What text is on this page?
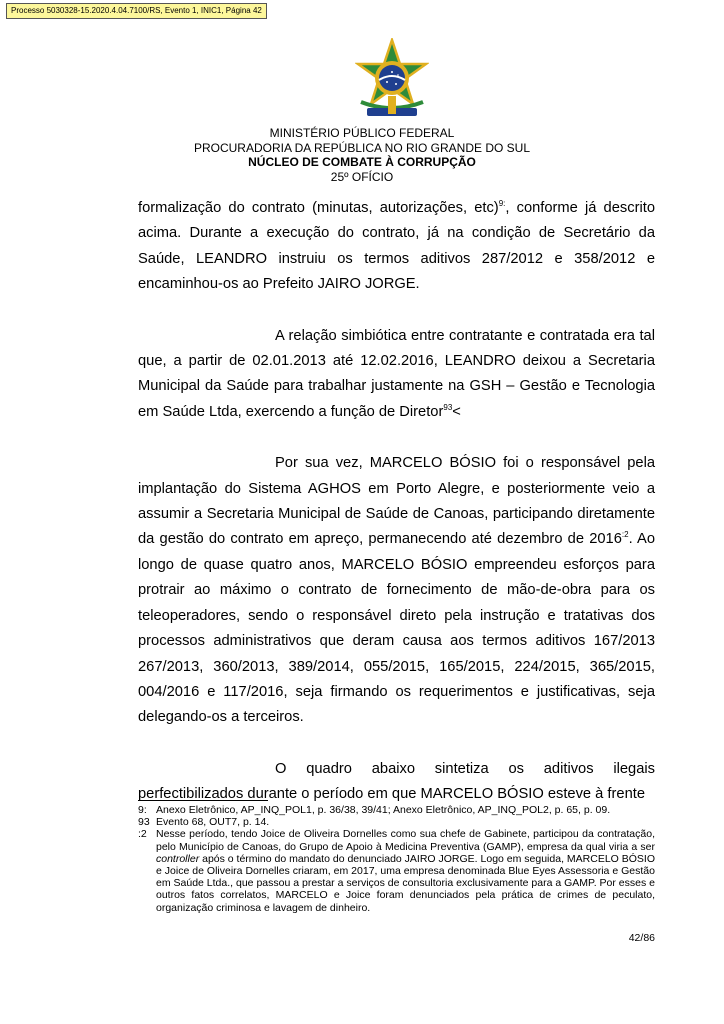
Processo 5030328-15.2020.4.04.7100/RS, Evento 1, INIC1, Página 42
MINISTÉRIO PÚBLICO FEDERAL
PROCURADORIA DA REPÚBLICA NO RIO GRANDE DO SUL
NÚCLEO DE COMBATE À CORRUPÇÃO
25º OFÍCIO

formalização do contrato (minutas, autorizações, etc)$^{9:}$, conforme já descrito acima. Durante a execução do contrato, já na condição de Secretário da Saúde, LEANDRO instruiu os termos aditivos 287/2012 e 358/2012 e encaminhou-os ao Prefeito JAIRO JORGE.

A relação simbiótica entre contratante e contratada era tal que, a partir de 02.01.2013 até 12.02.2016, LEANDRO deixou a Secretaria Municipal da Saúde para trabalhar justamente na GSH – Gestão e Tecnologia em Saúde Ltda, exercendo a função de Diretor$^{93}$<

Por sua vez, MARCELO BÓSIO foi o responsável pela implantação do Sistema AGHOS em Porto Alegre, e posteriormente veio a assumir a Secretaria Municipal de Saúde de Canoas, participando diretamente da gestão do contrato em apreço, permanecendo até dezembro de $2016^{:2}$. Ao longo de quase quatro anos, MARCELO BÓSIO empreendeu esforços para protrair ao máximo o contrato de fornecimento de mão-de-obra para os teleoperadores, sendo o responsável direto pela instrução e tratativas dos processos administrativos que deram causa aos termos aditivos 167/2013 267/2013, 360/2013, 389/2014, 055/2015, 165/2015, 224/2015, 365/2015, 004/2016 e 117/2016, seja firmando os requerimentos e justificativas, seja delegando-os a terceiros.

O quadro abaixo sintetiza os aditivos ilegais perfectibilizados durante o período em que MARCELO BÓSIO esteve à frente

9: Anexo Eletrônico, AP_INQ_POL1, p. 36/38, 39/41; Anexo Eletrônico, AP_INQ_POL2, p. 65, p. 09.
93 Evento 68, OUT7, p. 14.
:2 Nesse período, tendo Joice de Oliveira Dornelles como sua chefe de Gabinete, participou da contratação, pelo Município de Canoas, do Grupo de Apoio à Medicina Preventiva (GAMP), empresa da qual viria a ser controller após o término do mandato do denunciado JAIRO JORGE. Logo em seguida, MARCELO BÓSIO e Joice de Oliveira Dornelles criaram, em 2017, uma empresa denominada Blue Eyes Assessoria e Gestão em Saúde Ltda., que passou a prestar a serviços de consultoria exclusivamente para a GAMP. Por esses e outros fatos correlatos, MARCELO e Joice foram denunciados pela prática de crimes de peculato, organização criminosa e lavagem de dinheiro.
42/86
